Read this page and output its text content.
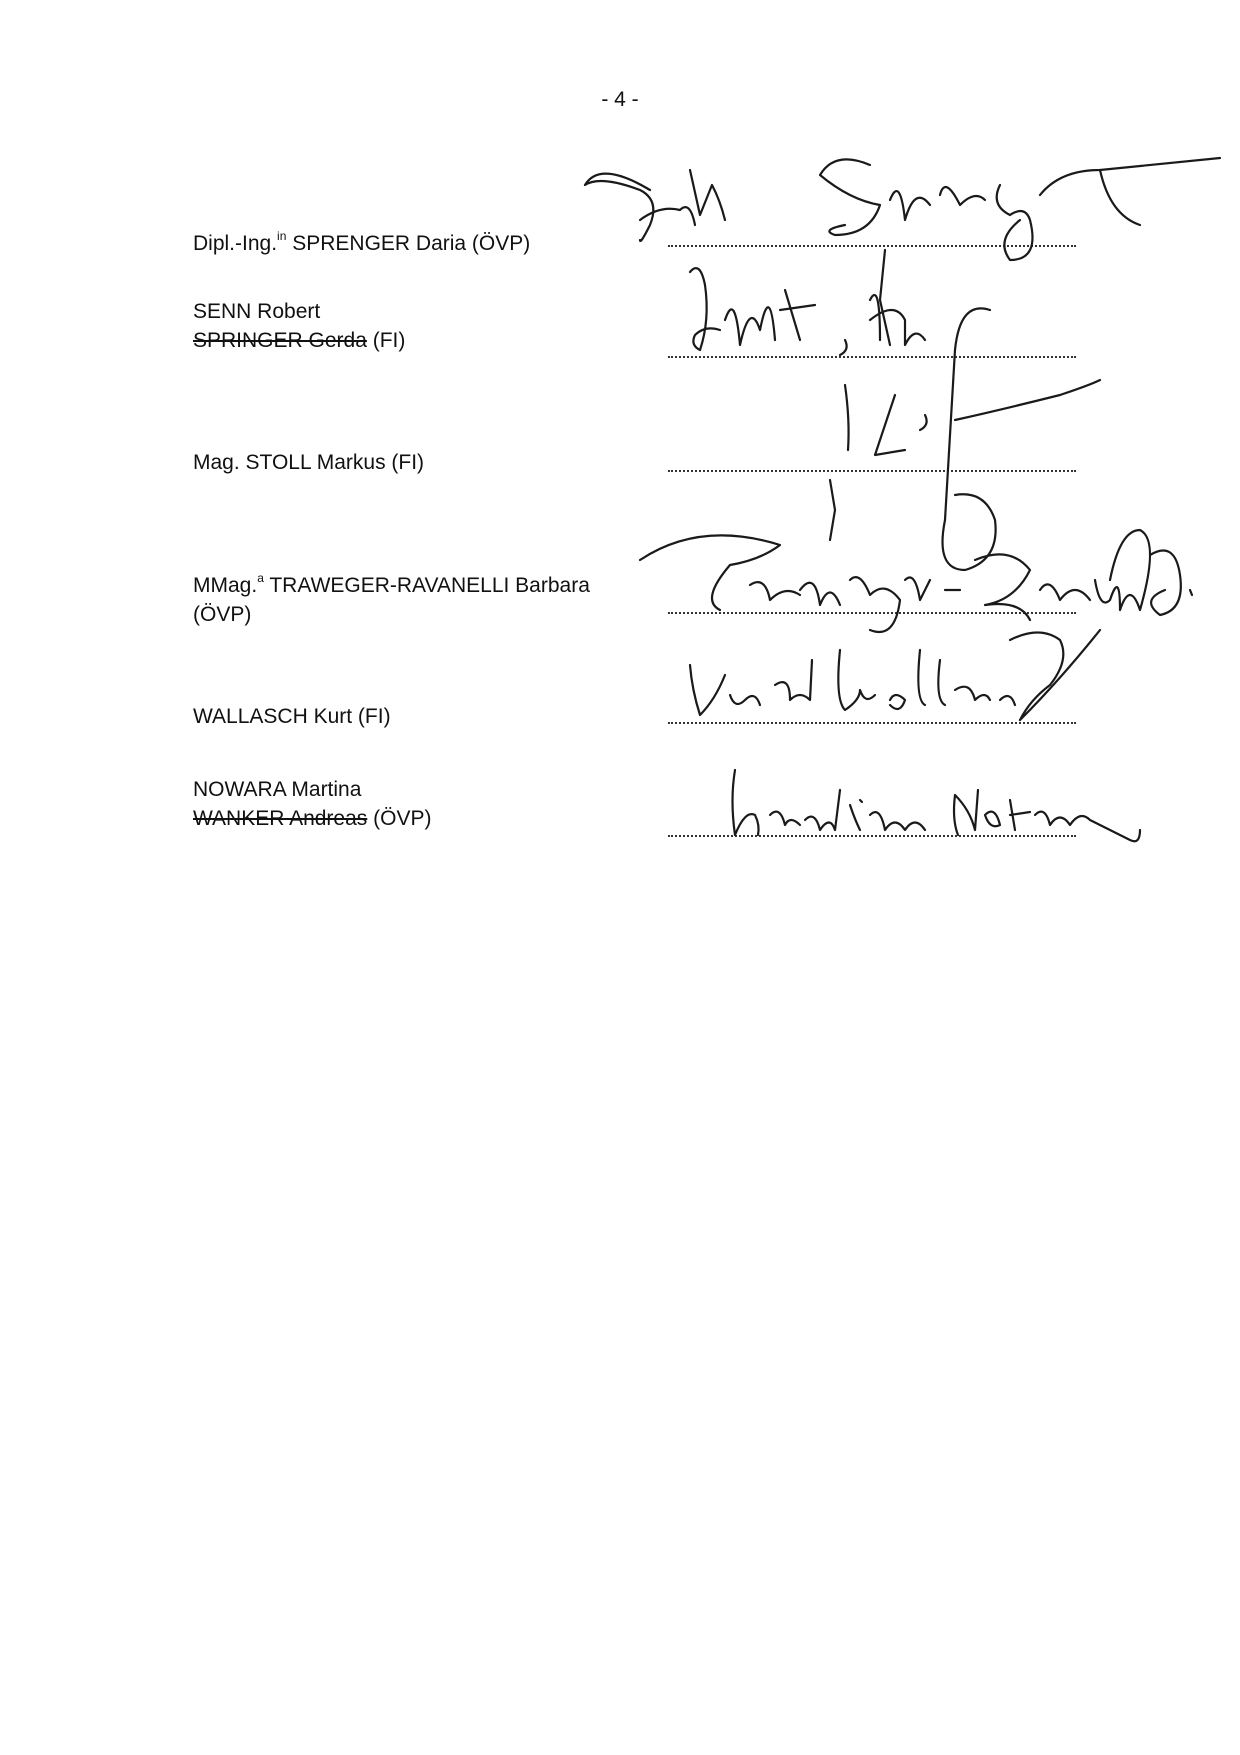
- 4 -
Dipl.-Ing.$^{in}$ SPRENGER Daria (ÖVP)
SENN Robert
SPRINGER Gerda (FI)
Mag. STOLL Markus (FI)
MMag.$^a$ TRAWEGER-RAVANELLI Barbara
(ÖVP)
WALLASCH Kurt (FI)
NOWARA Martina
WANKER Andreas (ÖVP)
